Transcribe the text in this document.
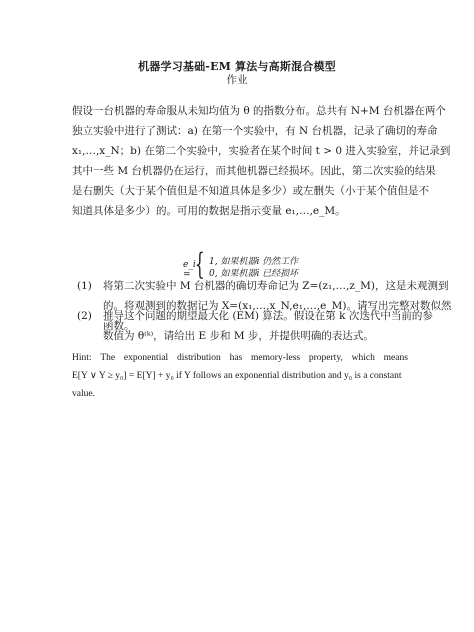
机器学习基础-EM 算法与高斯混合模型
作业
假设一台机器的寿命服从未知均值为 θ 的指数分布。总共有 N+M 台机器在两个
独立实验中进行了测试：a) 在第一个实验中，有 N 台机器，记录了确切的寿命
x₁,…,x_N；b) 在第二个实验中，实验者在某个时间 t > 0 进入实验室，并记录到
其中一些 M 台机器仍在运行，而其他机器已经损坏。因此，第二次实验的结果
是右删失（大于某个值但是不知道具体是多少）或左删失（小于某个值但是不
知道具体是多少）的。可用的数据是指示变量 e₁,…,e_M。
e_i = { 1, 如果机器i 仍然工作
0, 如果机器i 已经损坏
(1) 将第二次实验中 M 台机器的确切寿命记为 Z=(z₁,…,z_M)，这是未观测到
的。将观测到的数据记为 X=(x₁,…,x_N,e₁,…,e_M)。请写出完整对数似然
函数。
(2) 推导这个问题的期望最大化 (EM) 算法。假设在第 k 次迭代中当前的参
数值为 θ⁽ᵏ⁾，请给出 E 步和 M 步，并提供明确的表达式。
Hint: The exponential distribution has memory-less property, which means
E[Y ∨ Y ≥ y₀] = E[Y] + y₀ if Y follows an exponential distribution and y₀ is a constant
value.
